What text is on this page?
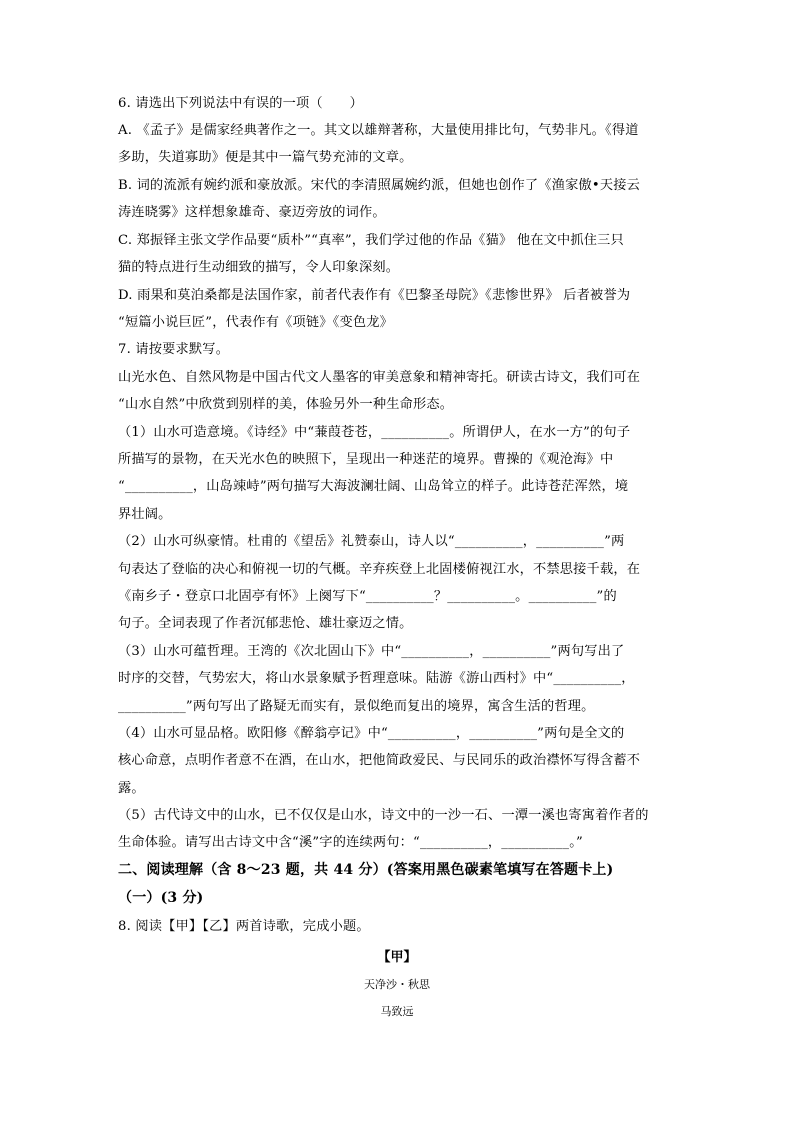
6. 请选出下列说法中有误的一项（　　）
A. 《孟子》是儒家经典著作之一。其文以雄辩著称，大量使用排比句，气势非凡。《得道
多助，失道寡助》便是其中一篇气势充沛的文章。
B. 词的流派有婉约派和豪放派。宋代的李清照属婉约派，但她也创作了《渔家傲•天接云
涛连晓雾》这样想象雄奇、豪迈旁放的词作。
C. 郑振铎主张文学作品要“质朴”“真率”，我们学过他的作品《猫》 他在文中抓住三只
猫的特点进行生动细致的描写，令人印象深刻。
D. 雨果和莫泊桑都是法国作家，前者代表作有《巴黎圣母院》《悲惨世界》 后者被誉为
“短篇小说巨匠”，代表作有《项链》《变色龙》
7. 请按要求默写。
山光水色、自然风物是中国古代文人墨客的审美意象和精神寄托。研读古诗文，我们可在
“山水自然”中欣赏到别样的美，体验另外一种生命形态。
（1）山水可造意境。《诗经》中“蒹葭苍苍，__________。所谓伊人，在水一方”的句子
所描写的景物，在天光水色的映照下，呈现出一种迷茫的境界。曹操的《观沧海》中
“__________，山岛竦峙”两句描写大海波澜壮阔、山岛耸立的样子。此诗苍茫浑然，境
界壮阔。
（2）山水可纵豪情。杜甫的《望岳》礼赞泰山，诗人以“__________，__________”两
句表达了登临的决心和俯视一切的气概。辛弃疾登上北固楼俯视江水，不禁思接千载，在
《南乡子・登京口北固亭有怀》上阕写下“__________？__________。__________”的
句子。全词表现了作者沉郁悲怆、雄壮豪迈之情。
（3）山水可蕴哲理。王湾的《次北固山下》中“__________，__________”两句写出了
时序的交替，气势宏大，将山水景象赋予哲理意味。陆游《游山西村》中“__________，
__________”两句写出了路疑无而实有，景似绝而复出的境界，寓含生活的哲理。
（4）山水可显品格。欧阳修《醉翁亭记》中“__________，__________”两句是全文的
核心命意，点明作者意不在酒，在山水，把他简政爱民、与民同乐的政治襟怀写得含蓄不
露。
（5）古代诗文中的山水，已不仅仅是山水，诗文中的一沙一石、一潭一溪也寄寓着作者的
生命体验。请写出古诗文中含“溪”字的连续两句：“__________，__________。”
二、阅读理解（含 8～23 题，共 44 分）(答案用黑色碳素笔填写在答题卡上)
（一）(3 分)
8. 阅读【甲】【乙】两首诗歌，完成小题。
【甲】
天净沙・秋思
马致远
